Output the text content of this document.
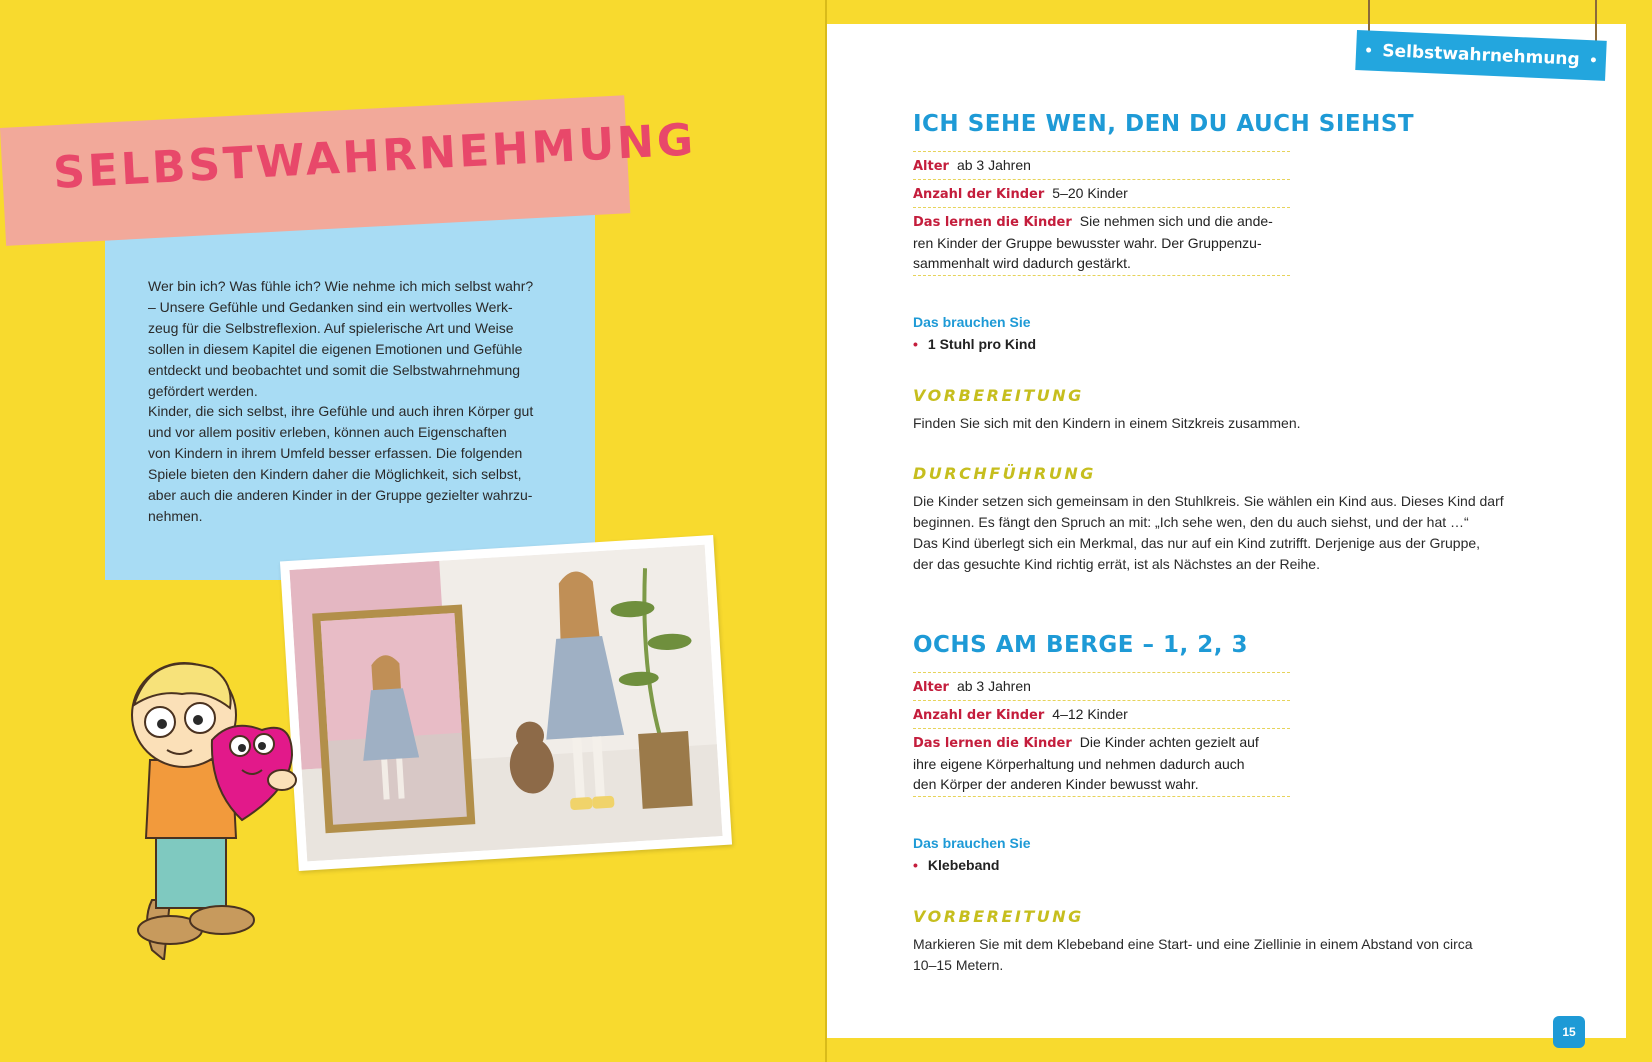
SELBSTWAHRNEHMUNG
Wer bin ich? Was fühle ich? Wie nehme ich mich selbst wahr?
– Unsere Gefühle und Gedanken sind ein wertvolles Werk-
zeug für die Selbstreflexion. Auf spielerische Art und Weise
sollen in diesem Kapitel die eigenen Emotionen und Gefühle
entdeckt und beobachtet und somit die Selbstwahrnehmung
gefördert werden.
Kinder, die sich selbst, ihre Gefühle und auch ihren Körper gut
und vor allem positiv erleben, können auch Eigenschaften
von Kindern in ihrem Umfeld besser erfassen. Die folgenden
Spiele bieten den Kindern daher die Möglichkeit, sich selbst,
aber auch die anderen Kinder in der Gruppe gezielter wahrzu-
nehmen.
Selbstwahrnehmung
ICH SEHE WEN, DEN DU AUCH SIEHST
Alter ab 3 Jahren
Anzahl der Kinder 5–20 Kinder
Das lernen die Kinder Sie nehmen sich und die ande-
ren Kinder der Gruppe bewusster wahr. Der Gruppenzu-
sammenhalt wird dadurch gestärkt.
Das brauchen Sie
• 1 Stuhl pro Kind
VORBEREITUNG
Finden Sie sich mit den Kindern in einem Sitzkreis zusammen.
DURCHFÜHRUNG
Die Kinder setzen sich gemeinsam in den Stuhlkreis. Sie wählen ein Kind aus. Dieses Kind darf
beginnen. Es fängt den Spruch an mit: „Ich sehe wen, den du auch siehst, und der hat …“
Das Kind überlegt sich ein Merkmal, das nur auf ein Kind zutrifft. Derjenige aus der Gruppe,
der das gesuchte Kind richtig errät, ist als Nächstes an der Reihe.
OCHS AM BERGE – 1, 2, 3
Alter ab 3 Jahren
Anzahl der Kinder 4–12 Kinder
Das lernen die Kinder Die Kinder achten gezielt auf
ihre eigene Körperhaltung und nehmen dadurch auch
den Körper der anderen Kinder bewusst wahr.
Das brauchen Sie
• Klebeband
VORBEREITUNG
Markieren Sie mit dem Klebeband eine Start- und eine Ziellinie in einem Abstand von circa
10–15 Metern.
15
